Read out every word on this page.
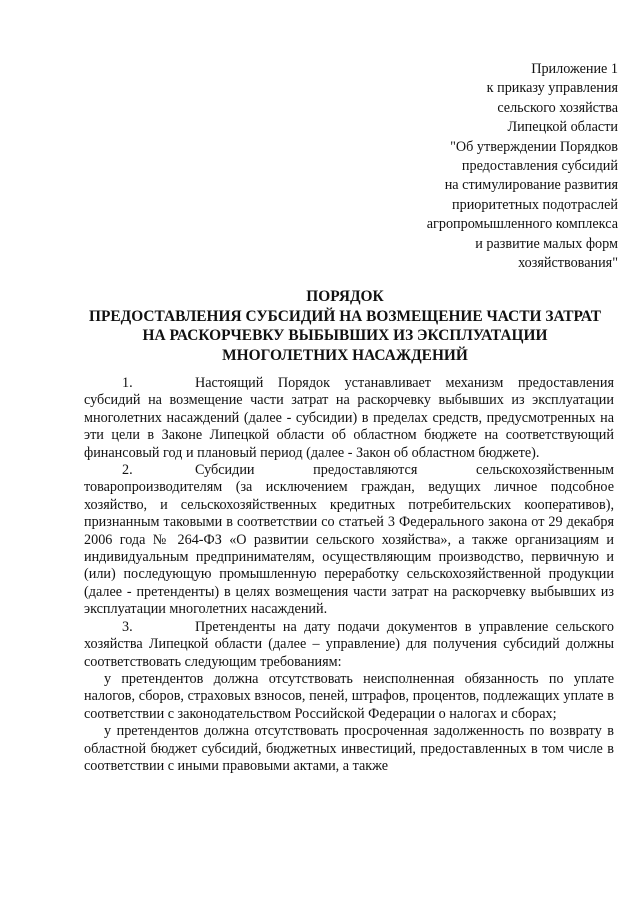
Приложение 1
к приказу управления
сельского хозяйства
Липецкой области
"Об утверждении Порядков
предоставления субсидий
на стимулирование развития
приоритетных подотраслей
агропромышленного комплекса
и развитие малых форм
хозяйствования"
ПОРЯДОК
ПРЕДОСТАВЛЕНИЯ СУБСИДИЙ НА ВОЗМЕЩЕНИЕ ЧАСТИ ЗАТРАТ
НА РАСКОРЧЕВКУ ВЫБЫВШИХ ИЗ ЭКСПЛУАТАЦИИ
МНОГОЛЕТНИХ НАСАЖДЕНИЙ

1.	Настоящий Порядок устанавливает механизм предоставления субсидий на возмещение части затрат на раскорчевку выбывших из эксплуатации многолетних насаждений (далее - субсидии) в пределах средств, предусмотренных на эти цели в Законе Липецкой области об областном бюджете на соответствующий финансовый год и плановый период (далее - Закон об областном бюджете).

2.	Субсидии предоставляются сельскохозяйственным товаропроизводителям (за исключением граждан, ведущих личное подсобное хозяйство, и сельскохозяйственных кредитных потребительских кооперативов), признанным таковыми в соответствии со статьей 3 Федерального закона от 29 декабря 2006 года № 264-ФЗ «О развитии сельского хозяйства», а также организациям и индивидуальным предпринимателям, осуществляющим производство, первичную и (или) последующую промышленную переработку сельскохозяйственной продукции (далее - претенденты) в целях возмещения части затрат на раскорчевку выбывших из эксплуатации многолетних насаждений.

3.	Претенденты на дату подачи документов в управление сельского хозяйства Липецкой области (далее – управление) для получения субсидий должны соответствовать следующим требованиям:

у претендентов должна отсутствовать неисполненная обязанность по уплате налогов, сборов, страховых взносов, пеней, штрафов, процентов, подлежащих уплате в соответствии с законодательством Российской Федерации о налогах и сборах;

у претендентов должна отсутствовать просроченная задолженность по возврату в областной бюджет субсидий, бюджетных инвестиций, предоставленных в том числе в соответствии с иными правовыми актами, а также
